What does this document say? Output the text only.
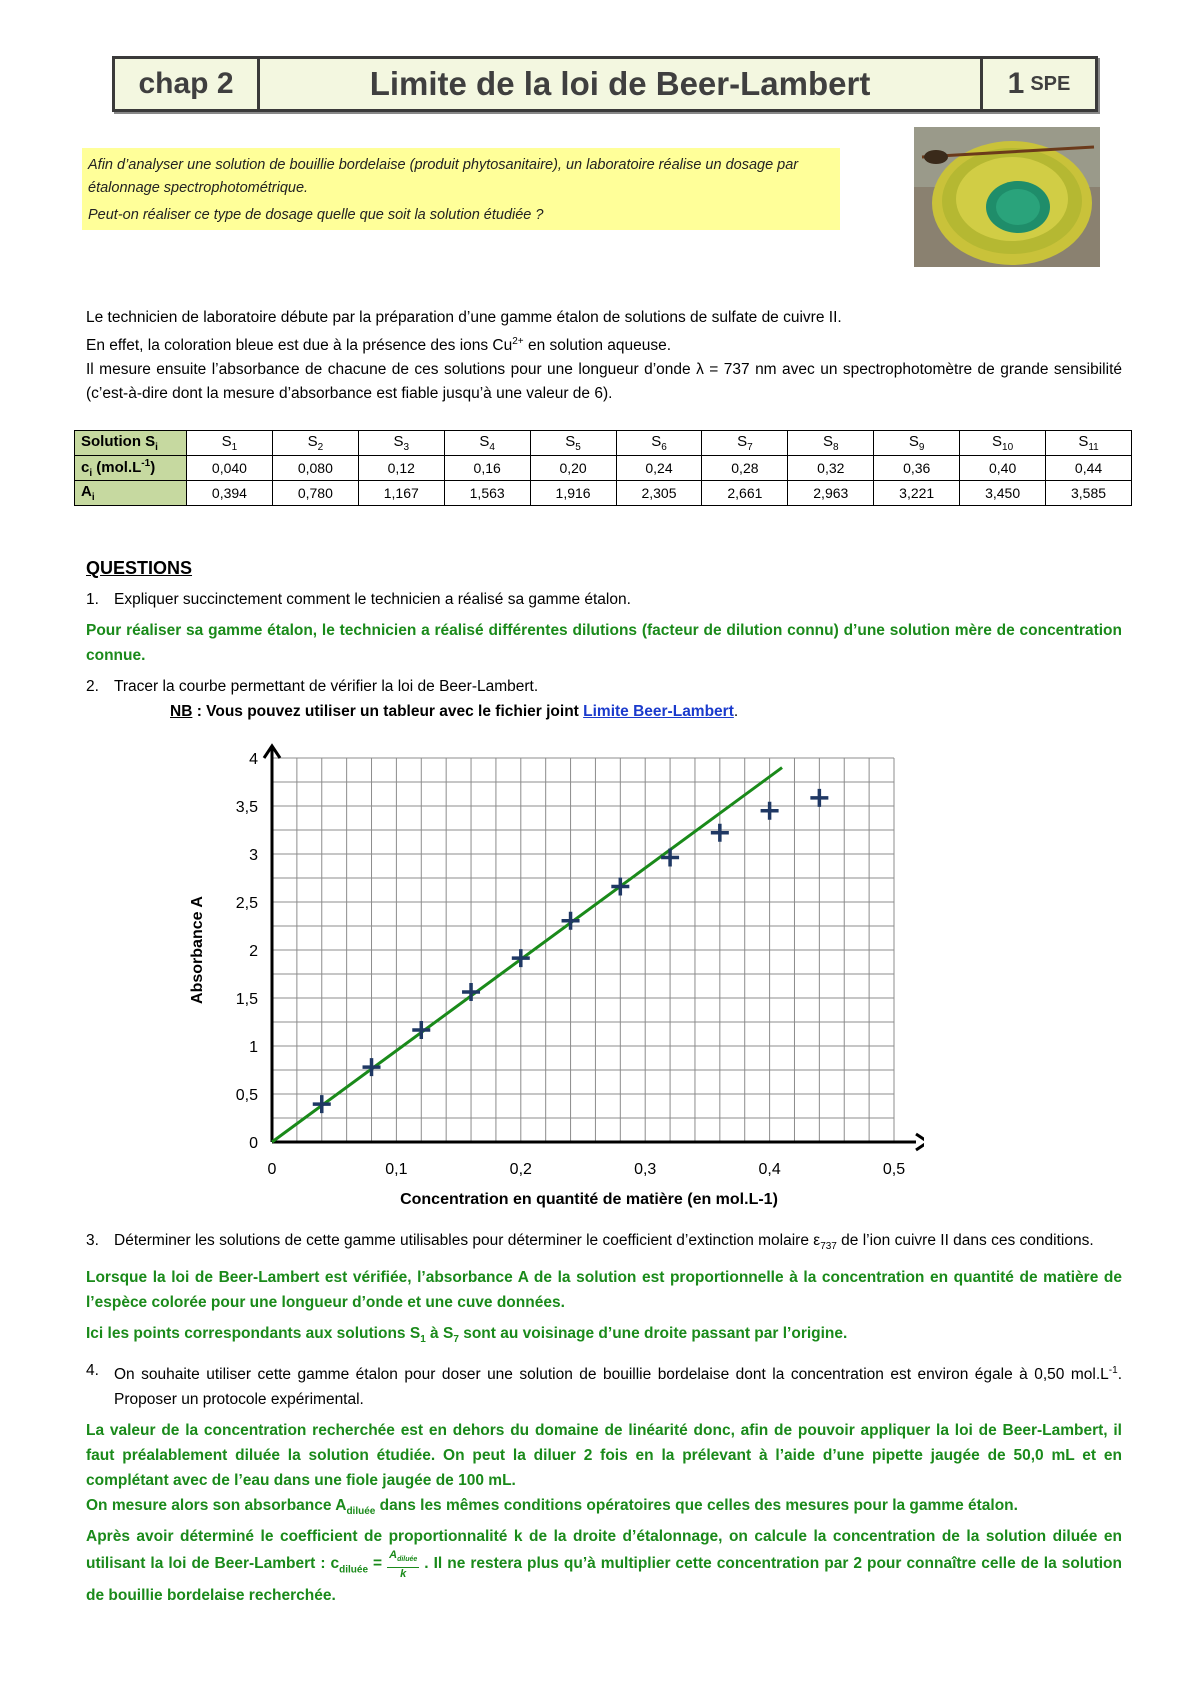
chap 2	Limite de la loi de Beer-Lambert	1 SPE

Afin d’analyser une solution de bouillie bordelaise (produit phytosanitaire), un laboratoire réalise un dosage par étalonnage spectrophotométrique.

Peut-on réaliser ce type de dosage quelle que soit la solution étudiée ?

Le technicien de laboratoire débute par la préparation d’une gamme étalon de solutions de sulfate de cuivre II.

En effet, la coloration bleue est due à la présence des ions $Cu^{2+}$ en solution aqueuse.

Il mesure ensuite l’absorbance de chacune de ces solutions pour une longueur d’onde λ = 737 nm avec un spectrophotomètre de grande sensibilité (c’est-à-dire dont la mesure d’absorbance est fiable jusqu’à une valeur de 6).

Solution $S_i$	$S_1$	$S_2$	$S_3$	$S_4$	$S_5$	$S_6$	$S_7$	$S_8$	$S_9$	$S_{10}$	$S_{11}$
$c_i$ $(mol.L^{-1})$	0,040	0,080	0,12	0,16	0,20	0,24	0,28	0,32	0,36	0,40	0,44
$A_i$	0,394	0,780	1,167	1,563	1,916	2,305	2,661	2,963	3,221	3,450	3,585
QUESTIONS
1. Expliquer succinctement comment le technicien a réalisé sa gamme étalon.

Pour réaliser sa gamme étalon, le technicien a réalisé différentes dilutions (facteur de dilution connu) d’une solution mère de concentration connue.

2. Tracer la courbe permettant de vérifier la loi de Beer-Lambert.

NB : Vous pouvez utiliser un tableur avec le fichier joint Limite Beer-Lambert.

0	0,1	0,2	0,3	0,4	0,5
0
0,5
1
1,5
2
2,5
3
3,5
4
Concentration en quantité de matière (en mol.L-1)
Absorbance A
3. Déterminer les solutions de cette gamme utilisables pour déterminer le coefficient d’extinction molaire $\varepsilon_{737}$ de l’ion cuivre II dans ces conditions.

Lorsque la loi de Beer-Lambert est vérifiée, l’absorbance A de la solution est proportionnelle à la concentration en quantité de matière de l’espèce colorée pour une longueur d’onde et une cuve données.

Ici les points correspondants aux solutions $S_1$ à $S_7$ sont au voisinage d’une droite passant par l’origine.

4. On souhaite utiliser cette gamme étalon pour doser une solution de bouillie bordelaise dont la concentration est environ égale à 0,50 $mol.L^{-1}$. Proposer un protocole expérimental.

La valeur de la concentration recherchée est en dehors du domaine de linéarité donc, afin de pouvoir appliquer la loi de Beer-Lambert, il faut préalablement diluée la solution étudiée. On peut la diluer 2 fois en la prélevant à l’aide d’une pipette jaugée de 50,0 mL et en complétant avec de l’eau dans une fiole jaugée de 100 mL.

On mesure alors son absorbance $A_{diluée}$ dans les mêmes conditions opératoires que celles des mesures pour la gamme étalon.

Après avoir déterminé le coefficient de proportionnalité k de la droite d’étalonnage, on calcule la concentration de la solution diluée en utilisant la loi de Beer-Lambert : $c_{diluée} = \frac{A_{diluée}}{k}$ . Il ne restera plus qu’à multiplier cette concentration par 2 pour connaître celle de la solution de bouillie bordelaise recherchée.
